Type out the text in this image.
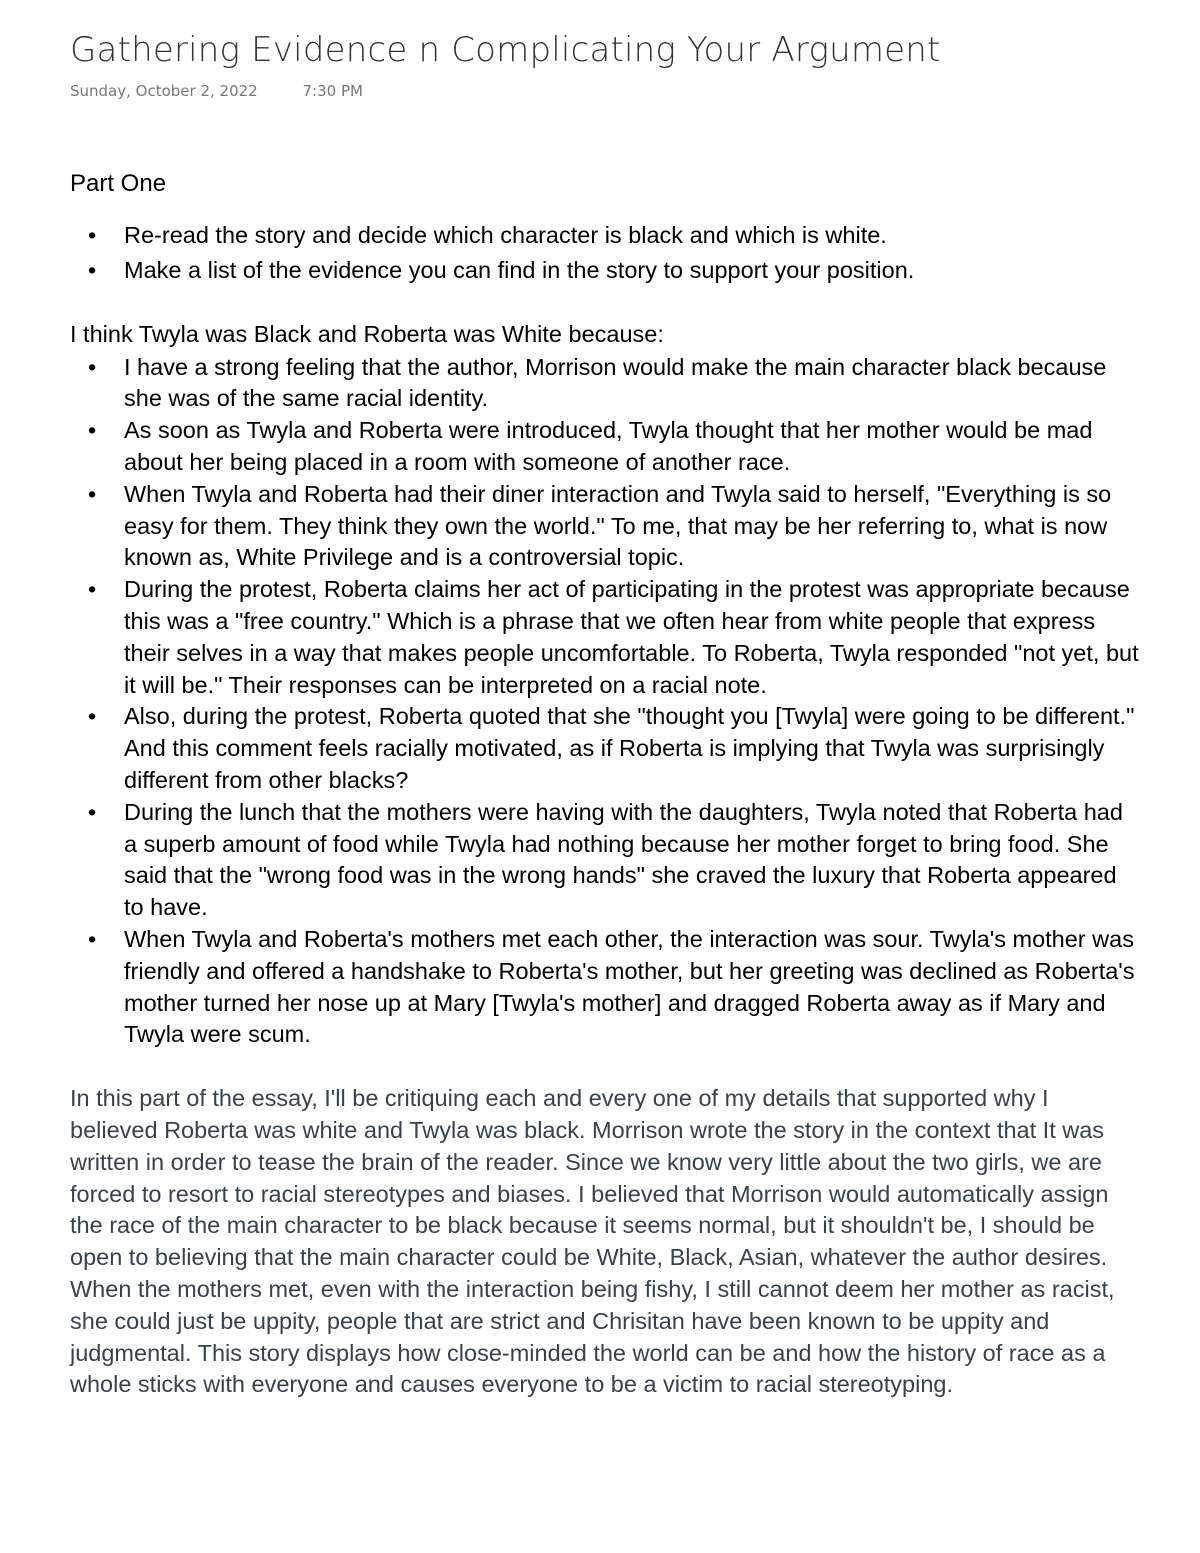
Gathering Evidence n Complicating Your Argument
Sunday, October 2, 2022	7:30 PM
Part One
• Re-read the story and decide which character is black and which is white.
• Make a list of the evidence you can find in the story to support your position.
I think Twyla was Black and Roberta was White because:
• I have a strong feeling that the author, Morrison would make the main character black because she was of the same racial identity.
• As soon as Twyla and Roberta were introduced, Twyla thought that her mother would be mad about her being placed in a room with someone of another race.
• When Twyla and Roberta had their diner interaction and Twyla said to herself, "Everything is so easy for them. They think they own the world." To me, that may be her referring to, what is now known as, White Privilege and is a controversial topic.
• During the protest, Roberta claims her act of participating in the protest was appropriate because this was a "free country." Which is a phrase that we often hear from white people that express their selves in a way that makes people uncomfortable. To Roberta, Twyla responded "not yet, but it will be." Their responses can be interpreted on a racial note.
• Also, during the protest, Roberta quoted that she "thought you [Twyla] were going to be different." And this comment feels racially motivated, as if Roberta is implying that Twyla was surprisingly different from other blacks?
• During the lunch that the mothers were having with the daughters, Twyla noted that Roberta had a superb amount of food while Twyla had nothing because her mother forget to bring food. She said that the "wrong food was in the wrong hands" she craved the luxury that Roberta appeared to have.
• When Twyla and Roberta's mothers met each other, the interaction was sour. Twyla's mother was friendly and offered a handshake to Roberta's mother, but her greeting was declined as Roberta's mother turned her nose up at Mary [Twyla's mother] and dragged Roberta away as if Mary and Twyla were scum.

In this part of the essay, I'll be critiquing each and every one of my details that supported why I believed Roberta was white and Twyla was black. Morrison wrote the story in the context that It was written in order to tease the brain of the reader. Since we know very little about the two girls, we are forced to resort to racial stereotypes and biases. I believed that Morrison would automatically assign the race of the main character to be black because it seems normal, but it shouldn't be, I should be open to believing that the main character could be White, Black, Asian, whatever the author desires. When the mothers met, even with the interaction being fishy, I still cannot deem her mother as racist, she could just be uppity, people that are strict and Chrisitan have been known to be uppity and judgmental. This story displays how close-minded the world can be and how the history of race as a whole sticks with everyone and causes everyone to be a victim to racial stereotyping.
